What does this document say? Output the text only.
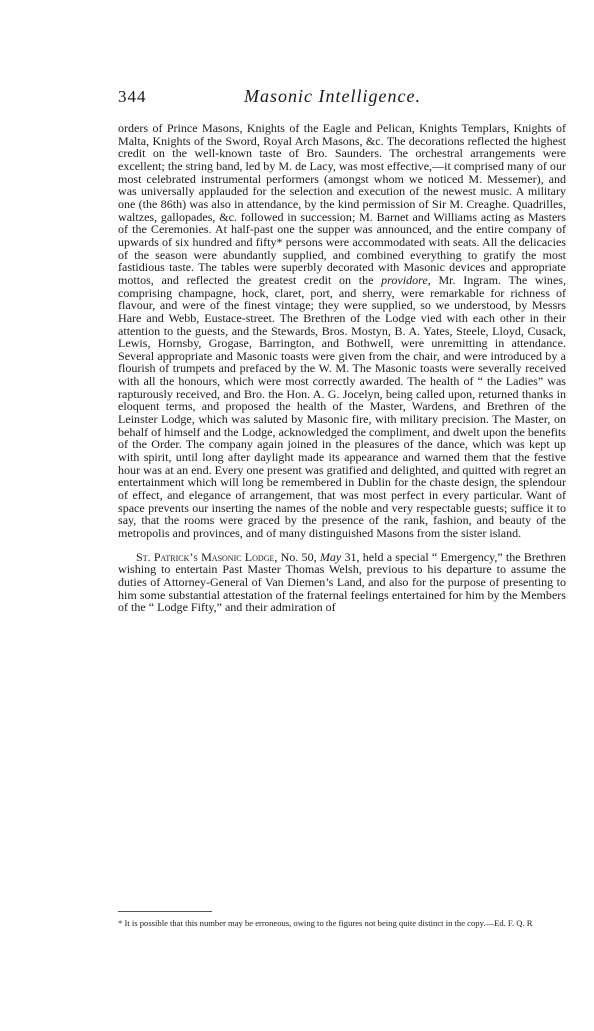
344	Masonic Intelligence.

orders of Prince Masons, Knights of the Eagle and Pelican, Knights Templars, Knights of Malta, Knights of the Sword, Royal Arch Masons, &c. The decorations reflected the highest credit on the well-known taste of Bro. Saunders. The orchestral arrangements were excellent; the string band, led by M. de Lacy, was most effective,—it comprised many of our most celebrated instrumental performers (amongst whom we noticed M. Messemer), and was universally applauded for the selection and execution of the newest music. A military one (the 86th) was also in attendance, by the kind permission of Sir M. Creaghe. Quadrilles, waltzes, gallopades, &c. followed in succession; M. Barnet and Williams acting as Masters of the Ceremonies. At half-past one the supper was announced, and the entire company of upwards of six hundred and fifty* persons were accommodated with seats. All the delicacies of the season were abundantly supplied, and combined everything to gratify the most fastidious taste. The tables were superbly decorated with Masonic devices and appropriate mottos, and reflected the greatest credit on the providore, Mr. Ingram. The wines, comprising champagne, hock, claret, port, and sherry, were remarkable for richness of flavour, and were of the finest vintage; they were supplied, so we understood, by Messrs Hare and Webb, Eustace-street. The Brethren of the Lodge vied with each other in their attention to the guests, and the Stewards, Bros. Mostyn, B. A. Yates, Steele, Lloyd, Cusack, Lewis, Hornsby, Grogase, Barrington, and Bothwell, were unremitting in attendance. Several appropriate and Masonic toasts were given from the chair, and were introduced by a flourish of trumpets and prefaced by the W. M. The Masonic toasts were severally received with all the honours, which were most correctly awarded. The health of “ the Ladies” was rapturously received, and Bro. the Hon. A. G. Jocelyn, being called upon, returned thanks in eloquent terms, and proposed the health of the Master, Wardens, and Brethren of the Leinster Lodge, which was saluted by Masonic fire, with military precision. The Master, on behalf of himself and the Lodge, acknowledged the compliment, and dwelt upon the benefits of the Order. The company again joined in the pleasures of the dance, which was kept up with spirit, until long after daylight made its appearance and warned them that the festive hour was at an end. Every one present was gratified and delighted, and quitted with regret an entertainment which will long be remembered in Dublin for the chaste design, the splendour of effect, and elegance of arrangement, that was most perfect in every particular. Want of space prevents our inserting the names of the noble and very respectable guests; suffice it to say, that the rooms were graced by the presence of the rank, fashion, and beauty of the metropolis and provinces, and of many distinguished Masons from the sister island.

St. Patrick’s Masonic Lodge, No. 50, May 31, held a special “ Emergency,” the Brethren wishing to entertain Past Master Thomas Welsh, previous to his departure to assume the duties of Attorney-General of Van Diemen’s Land, and also for the purpose of presenting to him some substantial attestation of the fraternal feelings entertained for him by the Members of the “ Lodge Fifty,” and their admiration of

* It is possible that this number may be erroneous, owing to the figures not being quite distinct in the copy.—Ed. F. Q. R
